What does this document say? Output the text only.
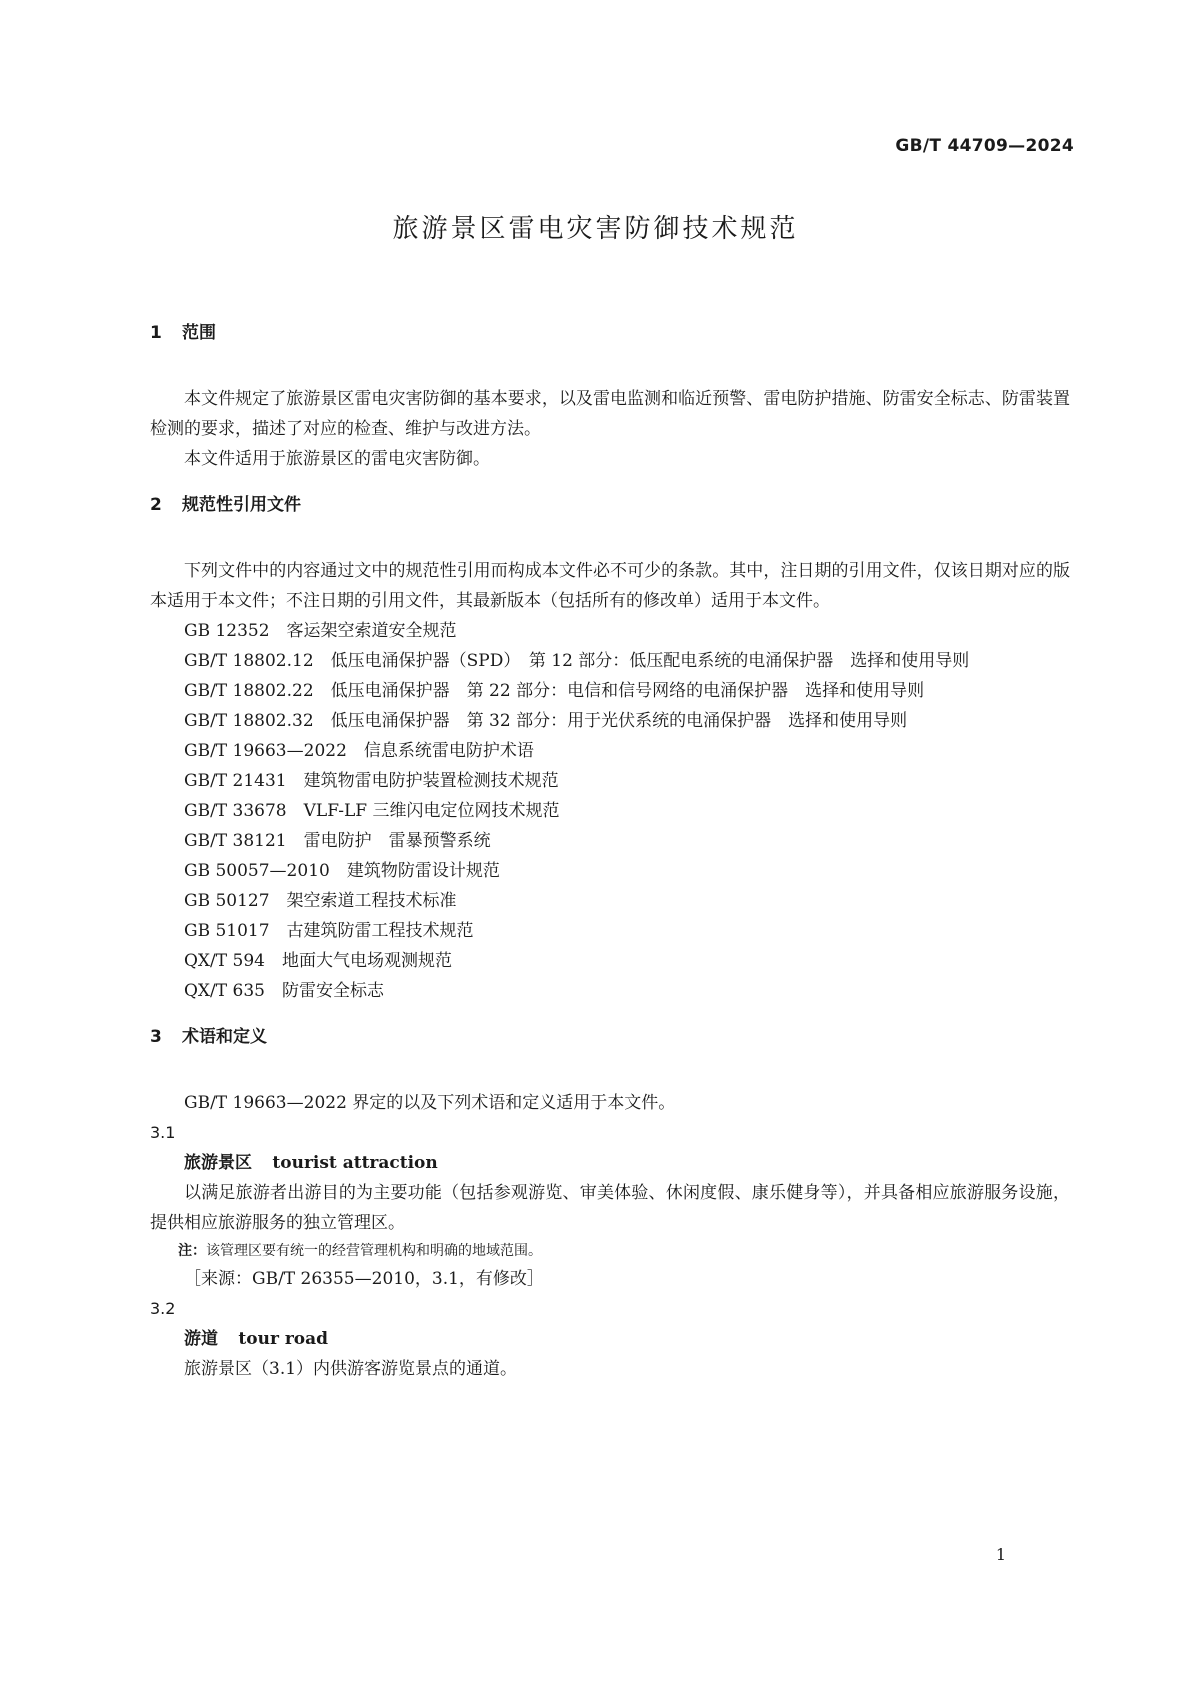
GB/T 44709—2024
旅游景区雷电灾害防御技术规范
1 范围

本文件规定了旅游景区雷电灾害防御的基本要求，以及雷电监测和临近预警、雷电防护措施、防雷安全标志、防雷装置检测的要求，描述了对应的检查、维护与改进方法。

本文件适用于旅游景区的雷电灾害防御。

2 规范性引用文件

下列文件中的内容通过文中的规范性引用而构成本文件必不可少的条款。其中，注日期的引用文件，仅该日期对应的版本适用于本文件；不注日期的引用文件，其最新版本（包括所有的修改单）适用于本文件。

GB 12352　客运架空索道安全规范

GB/T 18802.12　低压电涌保护器（SPD）　第 12 部分：低压配电系统的电涌保护器　选择和使用导则

GB/T 18802.22　低压电涌保护器　第 22 部分：电信和信号网络的电涌保护器　选择和使用导则

GB/T 18802.32　低压电涌保护器　第 32 部分：用于光伏系统的电涌保护器　选择和使用导则

GB/T 19663—2022　信息系统雷电防护术语

GB/T 21431　建筑物雷电防护装置检测技术规范

GB/T 33678　VLF-LF 三维闪电定位网技术规范

GB/T 38121　雷电防护　雷暴预警系统

GB 50057—2010　建筑物防雷设计规范

GB 50127　架空索道工程技术标准

GB 51017　古建筑防雷工程技术规范

QX/T 594　地面大气电场观测规范

QX/T 635　防雷安全标志

3 术语和定义

GB/T 19663—2022 界定的以及下列术语和定义适用于本文件。

3.1
旅游景区 tourist attraction

以满足旅游者出游目的为主要功能（包括参观游览、审美体验、休闲度假、康乐健身等），并具备相应旅游服务设施，提供相应旅游服务的独立管理区。

注：该管理区要有统一的经营管理机构和明确的地域范围。
［来源：GB/T 26355—2010，3.1，有修改］
3.2
游道 tour road

旅游景区（3.1）内供游客游览景点的通道。

1
